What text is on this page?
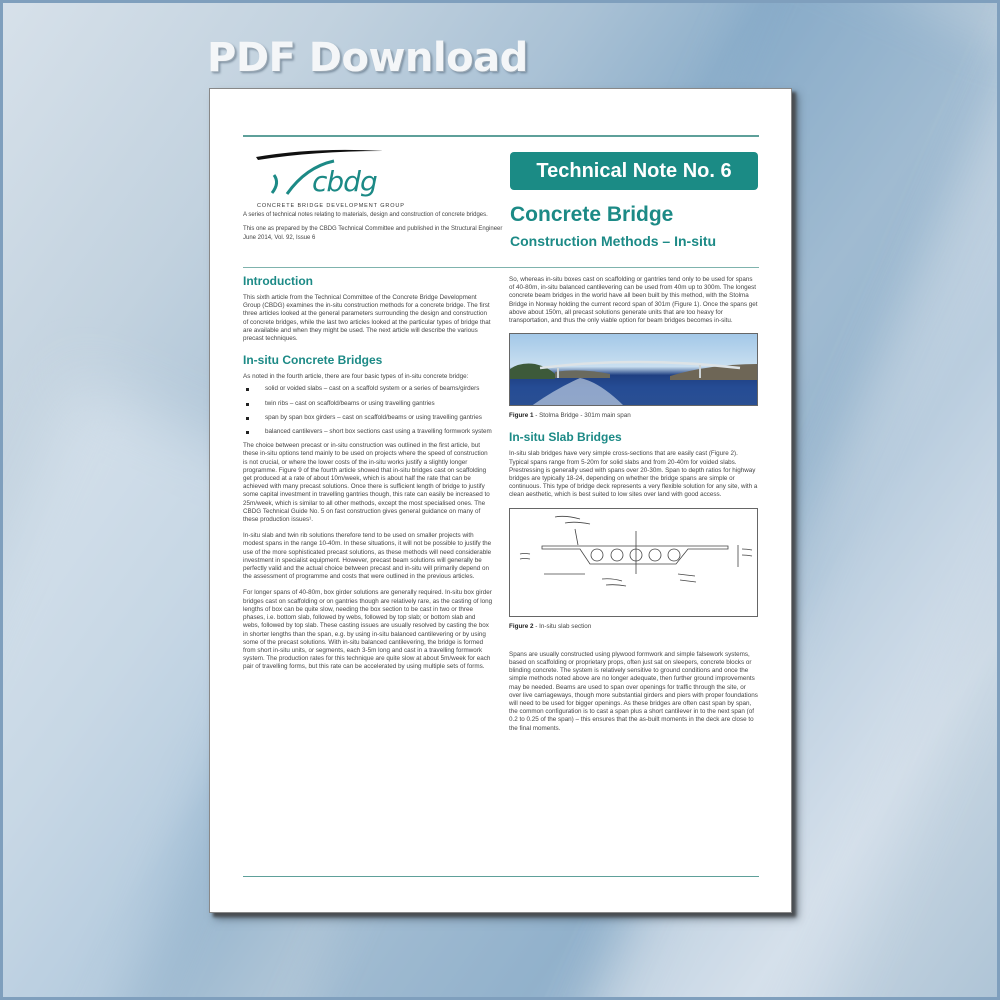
PDF Download
cbdg
CONCRETE BRIDGE DEVELOPMENT GROUP

A series of technical notes relating to materials, design and construction of concrete bridges.

This one as prepared by the CBDG Technical Committee and published in the Structural Engineer June 2014, Vol. 92, Issue 6

Technical Note No. 6
Concrete Bridge
Construction Methods – In-situ
Introduction

This sixth article from the Technical Committee of the Concrete Bridge Development Group (CBDG) examines the in-situ construction methods for a concrete bridge. The first three articles looked at the general parameters surrounding the design and construction of concrete bridges, while the last two articles looked at the particular types of bridge that are available and when they might be used. The next article will describe the various precast techniques.

In-situ Concrete Bridges

As noted in the fourth article, there are four basic types of in-situ concrete bridge:

solid or voided slabs – cast on a scaffold system or a series of beams/girders
twin ribs – cast on scaffold/beams or using travelling gantries
span by span box girders – cast on scaffold/beams or using travelling gantries
balanced cantilevers – short box sections cast using a travelling formwork system

The choice between precast or in-situ construction was outlined in the first article, but these in-situ options tend mainly to be used on projects where the speed of construction is not crucial, or where the lower costs of the in-situ works justify a slightly longer programme. Figure 9 of the fourth article showed that in-situ bridges cast on scaffolding get produced at a rate of about 10m/week, which is about half the rate that can be achieved with many precast solutions. Once there is sufficient length of bridge to justify some capital investment in travelling gantries though, this rate can easily be increased to 25m/week, which is similar to all other methods, except the most specialised ones. The CBDG Technical Guide No. 5 on fast construction gives general guidance on many of these production issues¹.

In-situ slab and twin rib solutions therefore tend to be used on smaller projects with modest spans in the range 10-40m. In these situations, it will not be possible to justify the use of the more sophisticated precast solutions, as these methods will need considerable investment in specialist equipment. However, precast beam solutions will generally be perfectly valid and the actual choice between precast and in-situ will primarily depend on the assessment of programme and costs that were outlined in the previous articles.

For longer spans of 40-80m, box girder solutions are generally required. In-situ box girder bridges cast on scaffolding or on gantries though are relatively rare, as the casting of long lengths of box can be quite slow, needing the box section to be cast in two or three phases, i.e. bottom slab, followed by webs, followed by top slab; or bottom slab and webs, followed by top slab. These casting issues are usually resolved by casting the box in shorter lengths than the span, e.g. by using in-situ balanced cantilevering or by using some of the precast solutions. With in-situ balanced cantilevering, the bridge is formed from short in-situ units, or segments, each 3-5m long and cast in a travelling formwork system. The production rates for this technique are quite slow at about 5m/week for each pair of travelling forms, but this rate can be accelerated by using multiple sets of forms.

So, whereas in-situ boxes cast on scaffolding or gantries tend only to be used for spans of 40-80m, in-situ balanced cantilevering can be used from 40m up to 300m. The longest concrete beam bridges in the world have all been built by this method, with the Stolma Bridge in Norway holding the current record span of 301m (Figure 1). Once the spans get above about 150m, all precast solutions generate units that are too heavy for transportation, and thus the only viable option for beam bridges becomes in-situ.

Figure 1 - Stolma Bridge - 301m main span
In-situ Slab Bridges

In-situ slab bridges have very simple cross-sections that are easily cast (Figure 2). Typical spans range from 5-20m for solid slabs and from 20-40m for voided slabs. Prestressing is generally used with spans over 20-30m. Span to depth ratios for highway bridges are typically 18-24, depending on whether the bridge spans are simple or continuous. This type of bridge deck represents a very flexible solution for any site, with a clean aesthetic, which is best suited to low sites over land with good access.

Figure 2 - In-situ slab section

Spans are usually constructed using plywood formwork and simple falsework systems, based on scaffolding or proprietary props, often just sat on sleepers, concrete blocks or blinding concrete. The system is relatively sensitive to ground conditions and once the simple methods noted above are no longer adequate, then further ground improvements may be needed. Beams are used to span over openings for traffic through the site, or over live carriageways, though more substantial girders and piers with proper foundations will need to be used for bigger openings. As these bridges are often cast span by span, the common configuration is to cast a span plus a short cantilever in to the next span (of 0.2 to 0.25 of the span) – this ensures that the as-built moments in the deck are close to the final moments.
